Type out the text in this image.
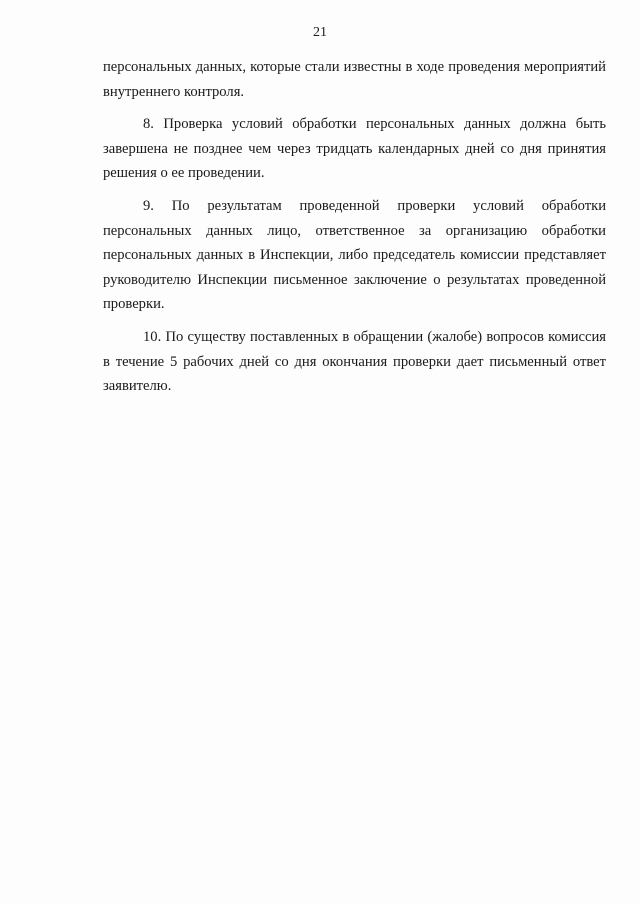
21

персональных данных, которые стали известны в ходе проведения мероприятий внутреннего контроля.

8. Проверка условий обработки персональных данных должна быть завершена не позднее чем через тридцать календарных дней со дня принятия решения о ее проведении.

9. По результатам проведенной проверки условий обработки персональных данных лицо, ответственное за организацию обработки персональных данных в Инспекции, либо председатель комиссии представляет руководителю Инспекции письменное заключение о результатах проведенной проверки.

10. По существу поставленных в обращении (жалобе) вопросов комиссия в течение 5 рабочих дней со дня окончания проверки дает письменный ответ заявителю.
